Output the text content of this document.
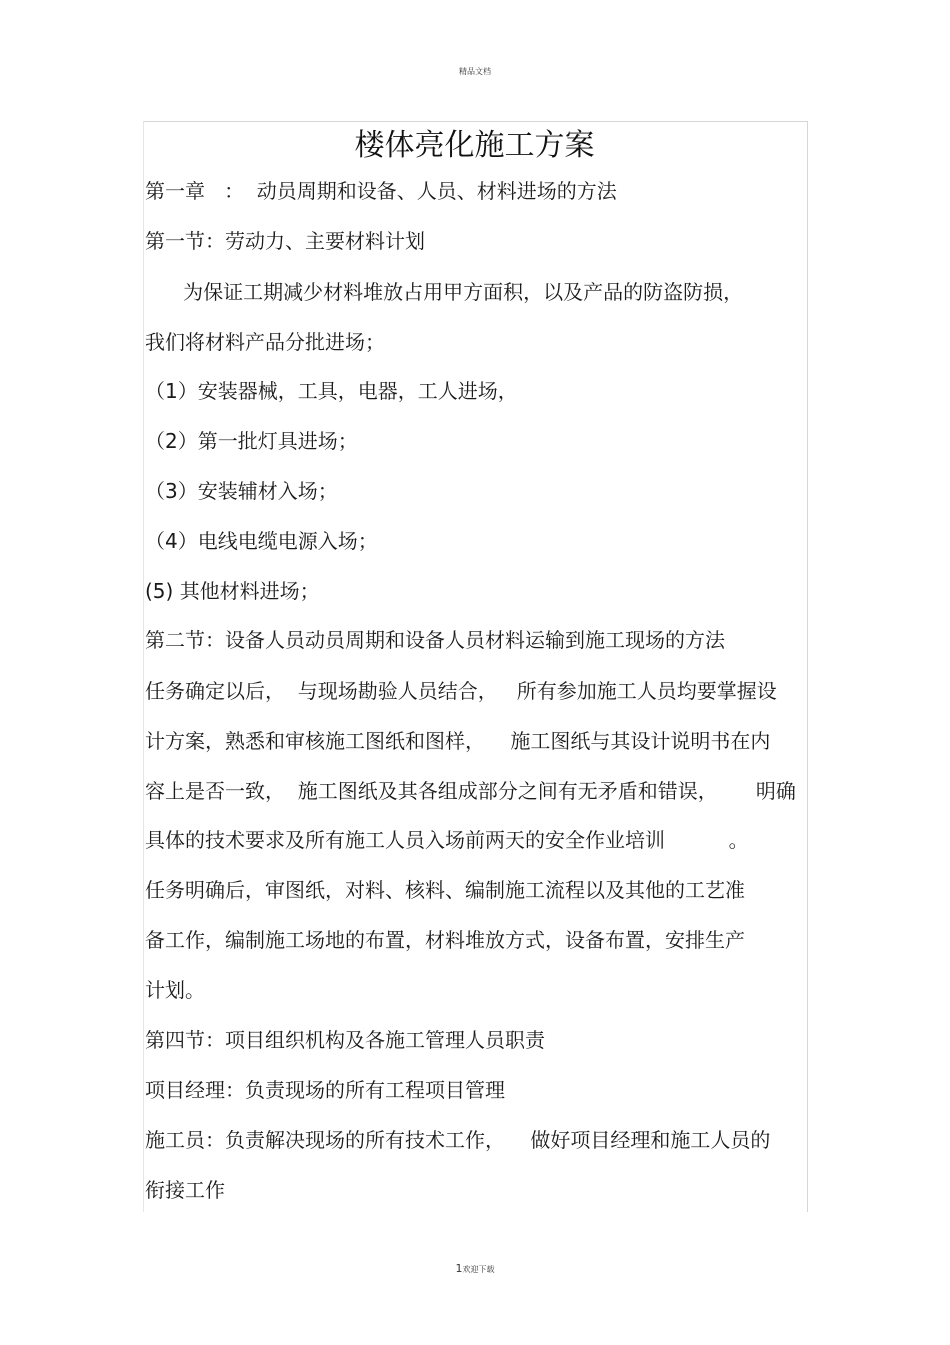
精品文档
楼体亮化施工方案
第一章   ：  动员周期和设备、人员、材料进场的方法
第一节：劳动力、主要材料计划
为保证工期减少材料堆放占用甲方面积，以及产品的防盗防损，
我们将材料产品分批进场；
（1）安装器械，工具，电器，工人进场，
（2）第一批灯具进场；
（3）安装辅材入场；
（4）电线电缆电源入场；
(5) 其他材料进场；
第二节：设备人员动员周期和设备人员材料运输到施工现场的方法
任务确定以后，  与现场勘验人员结合，   所有参加施工人员均要掌握设
计方案，熟悉和审核施工图纸和图样，    施工图纸与其设计说明书在内
容上是否一致，  施工图纸及其各组成部分之间有无矛盾和错误，      明确
具体的技术要求及所有施工人员入场前两天的安全作业培训          。
任务明确后，审图纸，对料、核料、编制施工流程以及其他的工艺准
备工作，编制施工场地的布置，材料堆放方式，设备布置，安排生产
计划。
第四节：项目组织机构及各施工管理人员职责
项目经理：负责现场的所有工程项目管理
施工员：负责解决现场的所有技术工作，    做好项目经理和施工人员的
衔接工作
1欢迎下载
